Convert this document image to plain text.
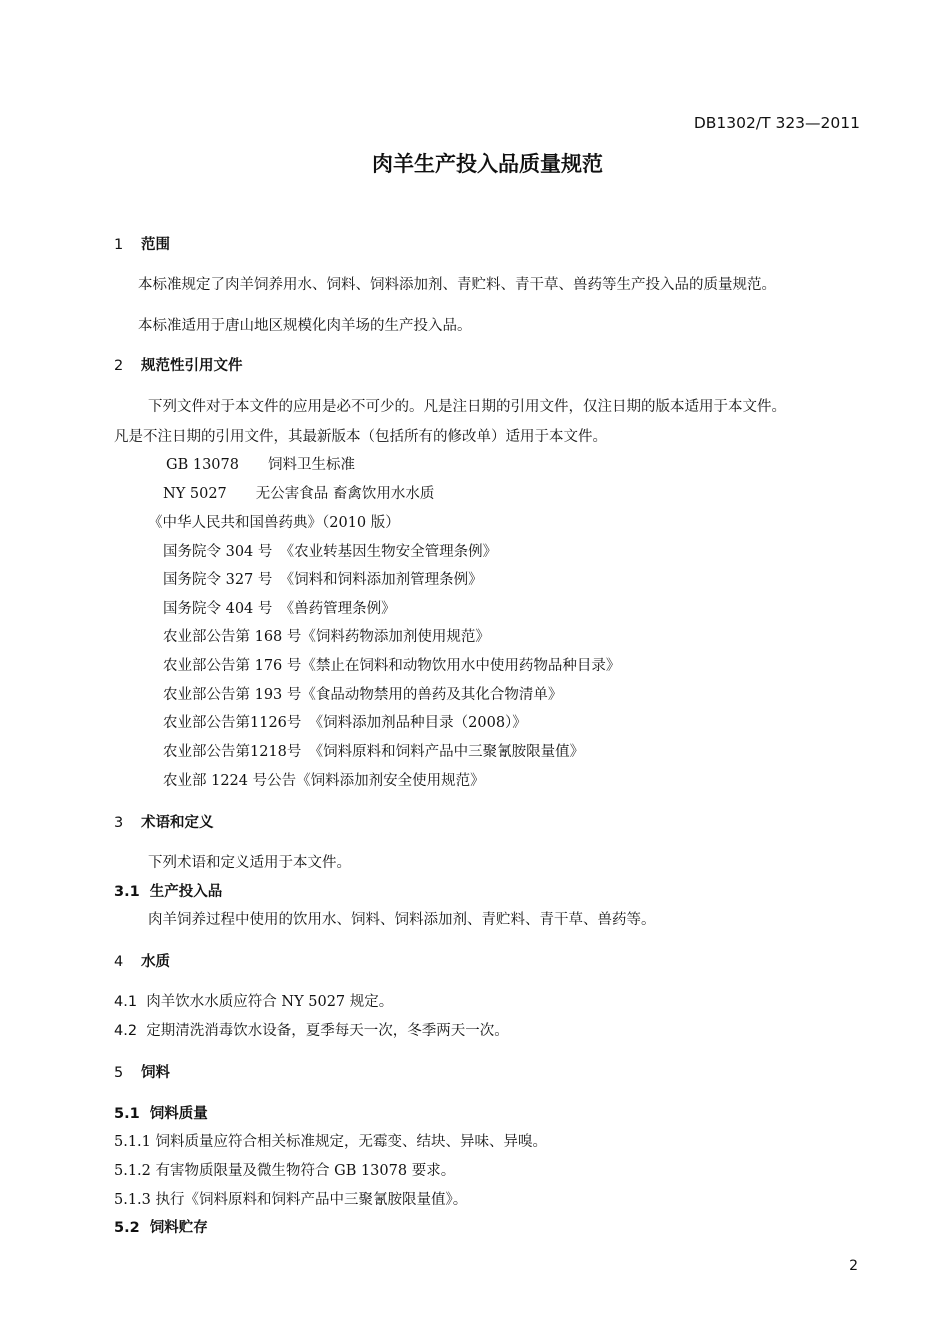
DB1302/T 323—2011
肉羊生产投入品质量规范
1 范围
本标准规定了肉羊饲养用水、饲料、饲料添加剂、青贮料、青干草、兽药等生产投入品的质量规范。
本标准适用于唐山地区规模化肉羊场的生产投入品。
2 规范性引用文件
下列文件对于本文件的应用是必不可少的。凡是注日期的引用文件，仅注日期的版本适用于本文件。
凡是不注日期的引用文件，其最新版本（包括所有的修改单）适用于本文件。
GB 13078　　饲料卫生标准
NY 5027　　无公害食品 畜禽饮用水水质
《中华人民共和国兽药典》（2010 版）
国务院令 304 号　《农业转基因生物安全管理条例》
国务院令 327 号　《饲料和饲料添加剂管理条例》
国务院令 404 号　《兽药管理条例》
农业部公告第 168 号《饲料药物添加剂使用规范》
农业部公告第 176 号《禁止在饲料和动物饮用水中使用药物品种目录》
农业部公告第 193 号《食品动物禁用的兽药及其化合物清单》
农业部公告第1126号　《饲料添加剂品种目录（2008）》
农业部公告第1218号　《饲料原料和饲料产品中三聚氰胺限量值》
农业部 1224 号公告《饲料添加剂安全使用规范》
3 术语和定义
下列术语和定义适用于本文件。
3.1 生产投入品
肉羊饲养过程中使用的饮用水、饲料、饲料添加剂、青贮料、青干草、兽药等。
4 水质
4.1 肉羊饮水水质应符合 NY 5027 规定。
4.2 定期清洗消毒饮水设备，夏季每天一次，冬季两天一次。
5 饲料
5.1 饲料质量
5.1.1 饲料质量应符合相关标准规定，无霉变、结块、异味、异嗅。
5.1.2 有害物质限量及微生物符合 GB 13078 要求。
5.1.3 执行《饲料原料和饲料产品中三聚氰胺限量值》。
5.2 饲料贮存
2
